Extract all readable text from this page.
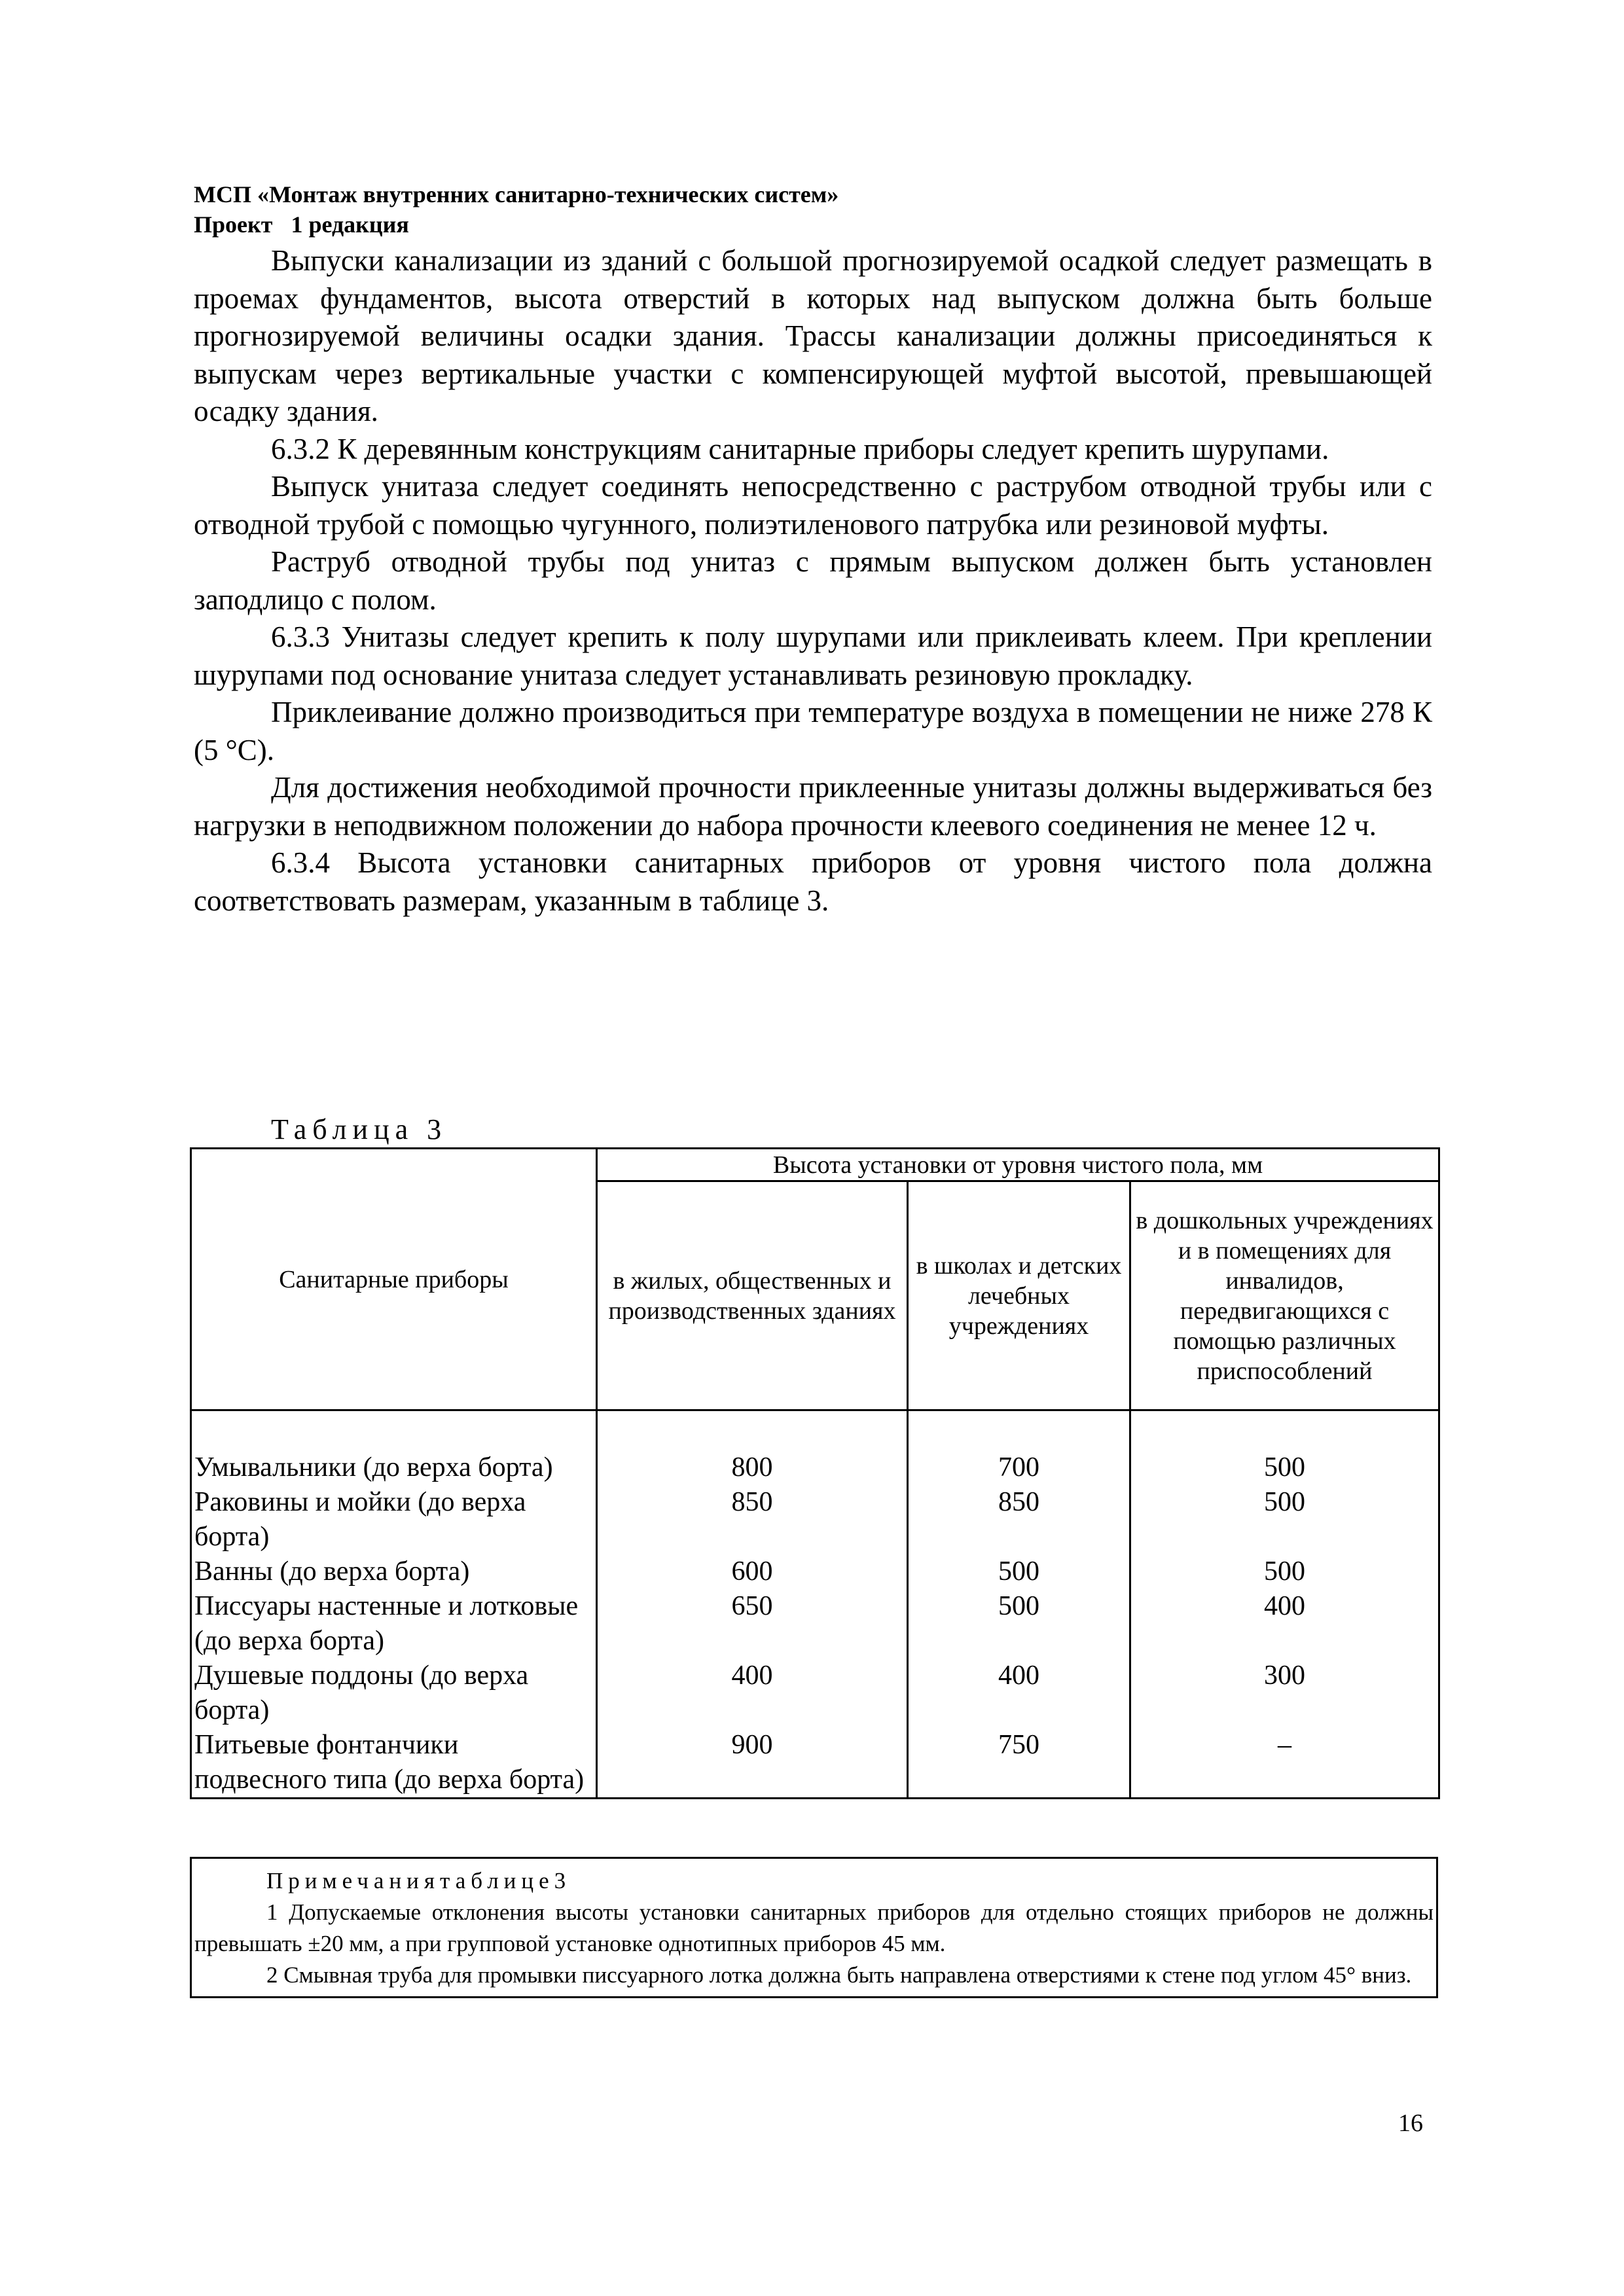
МСП «Монтаж внутренних санитарно-технических систем»
Проект 1 редакция

Выпуски канализации из зданий с большой прогнозируемой осадкой следует размещать в проемах фундаментов, высота отверстий в которых над выпуском должна быть больше прогнозируемой величины осадки здания. Трассы канализации должны присоединяться к выпускам через вертикальные участки с компенсирующей муфтой высотой, превышающей осадку здания.

6.3.2 К деревянным конструкциям санитарные приборы следует крепить шурупами.

Выпуск унитаза следует соединять непосредственно с раструбом отводной трубы или с отводной трубой с помощью чугунного, полиэтиленового патрубка или резиновой муфты.

Раструб отводной трубы под унитаз с прямым выпуском должен быть установлен заподлицо с полом.

6.3.3 Унитазы следует крепить к полу шурупами или приклеивать клеем. При креплении шурупами под основание унитаза следует устанавливать резиновую прокладку.

Приклеивание должно производиться при температуре воздуха в помещении не ниже 278 К (5 °С).

Для достижения необходимой прочности приклеенные унитазы должны выдерживаться без нагрузки в неподвижном положении до набора прочности клеевого соединения не менее 12 ч.

6.3.4 Высота установки санитарных приборов от уровня чистого пола должна соответствовать размерам, указанным в таблице 3.

Таблица 3
Санитарные приборы	Высота установки от уровня чистого пола, мм		
	в жилых, общественных и производственных зданиях	в школах и детских лечебных учреждениях	в дошкольных учреждениях и в помещениях для инвалидов, передвигающихся с помощью различных приспособлений
Умывальники (до верха борта)	800	700	500
Раковины и мойки (до верха борта)	850	850	500
Ванны (до верха борта)	600	500	500
Писсуары настенные и лотковые (до верха борта)	650	500	400
Душевые поддоны (до верха борта)	400	400	300
Питьевые фонтанчики подвесного типа (до верха борта)	900	750	–

Примечаниятаблице3

1 Допускаемые отклонения высоты установки санитарных приборов для отдельно стоящих приборов не должны превышать ±20 мм, а при групповой установке однотипных приборов 45 мм.

2 Смывная труба для промывки писсуарного лотка должна быть направлена отверстиями к стене под углом 45° вниз.

16
